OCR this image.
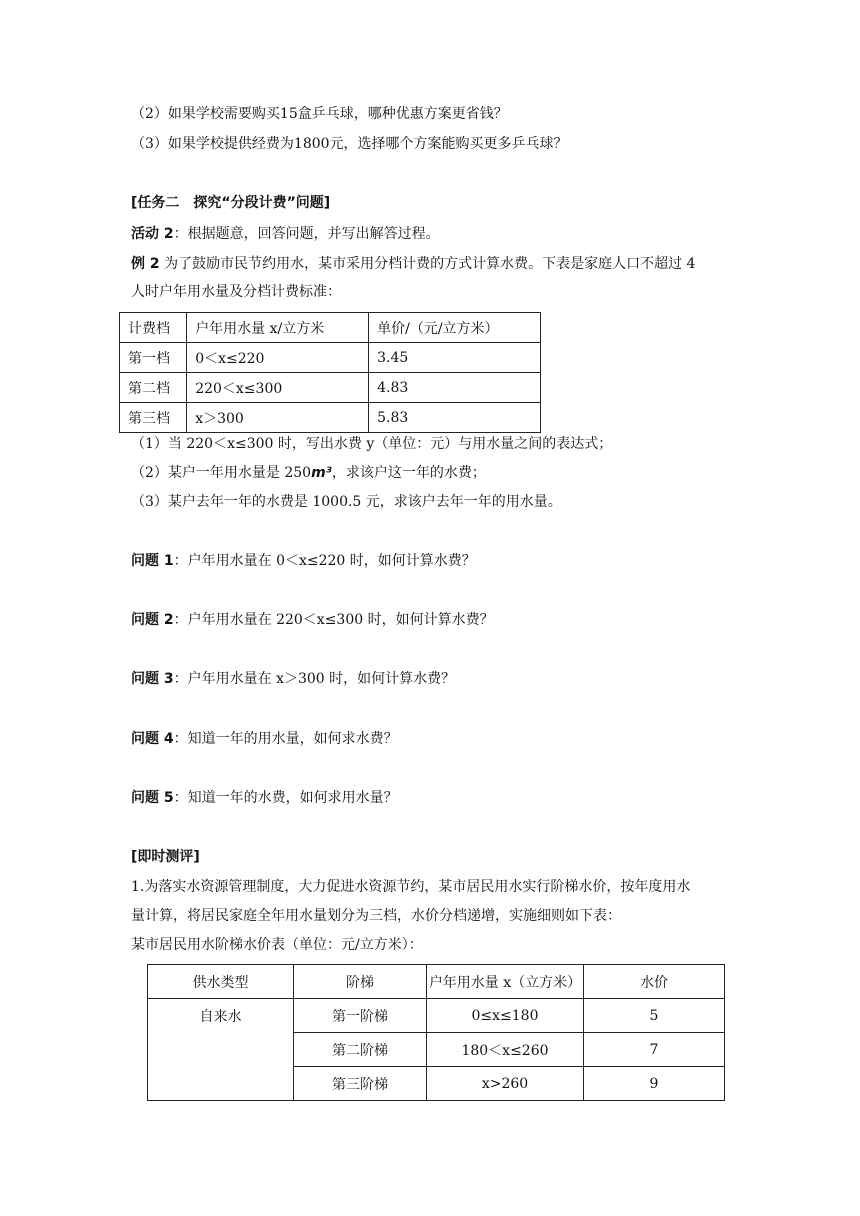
（2）如果学校需要购买15盒乒乓球，哪种优惠方案更省钱？
（3）如果学校提供经费为1800元，选择哪个方案能购买更多乒乓球？
[任务二　探究“分段计费”问题]
活动 2：根据题意，回答问题，并写出解答过程。
例 2 为了鼓励市民节约用水，某市采用分档计费的方式计算水费。下表是家庭人口不超过 4
人时户年用水量及分档计费标准：
计费档	户年用水量 x/立方米	单价/（元/立方米）
第一档	0＜x≤220	3.45
第二档	220＜x≤300	4.83
第三档	x＞300	5.83
（1）当 220＜x≤300 时，写出水费 y（单位：元）与用水量之间的表达式；
（2）某户一年用水量是 250m³，求该户这一年的水费；
（3）某户去年一年的水费是 1000.5 元，求该户去年一年的用水量。
问题 1：户年用水量在 0＜x≤220 时，如何计算水费？
问题 2：户年用水量在 220＜x≤300 时，如何计算水费？
问题 3：户年用水量在 x＞300 时，如何计算水费？
问题 4：知道一年的用水量，如何求水费？
问题 5：知道一年的水费，如何求用水量？
[即时测评]
1.为落实水资源管理制度，大力促进水资源节约，某市居民用水实行阶梯水价，按年度用水
量计算，将居民家庭全年用水量划分为三档，水价分档递增，实施细则如下表：
某市居民用水阶梯水价表（单位：元/立方米）：
供水类型	阶梯	户年用水量 x（立方米）	水价
自来水	第一阶梯	0≤x≤180	5
	第二阶梯	180＜x≤260	7
	第三阶梯	x>260	9
